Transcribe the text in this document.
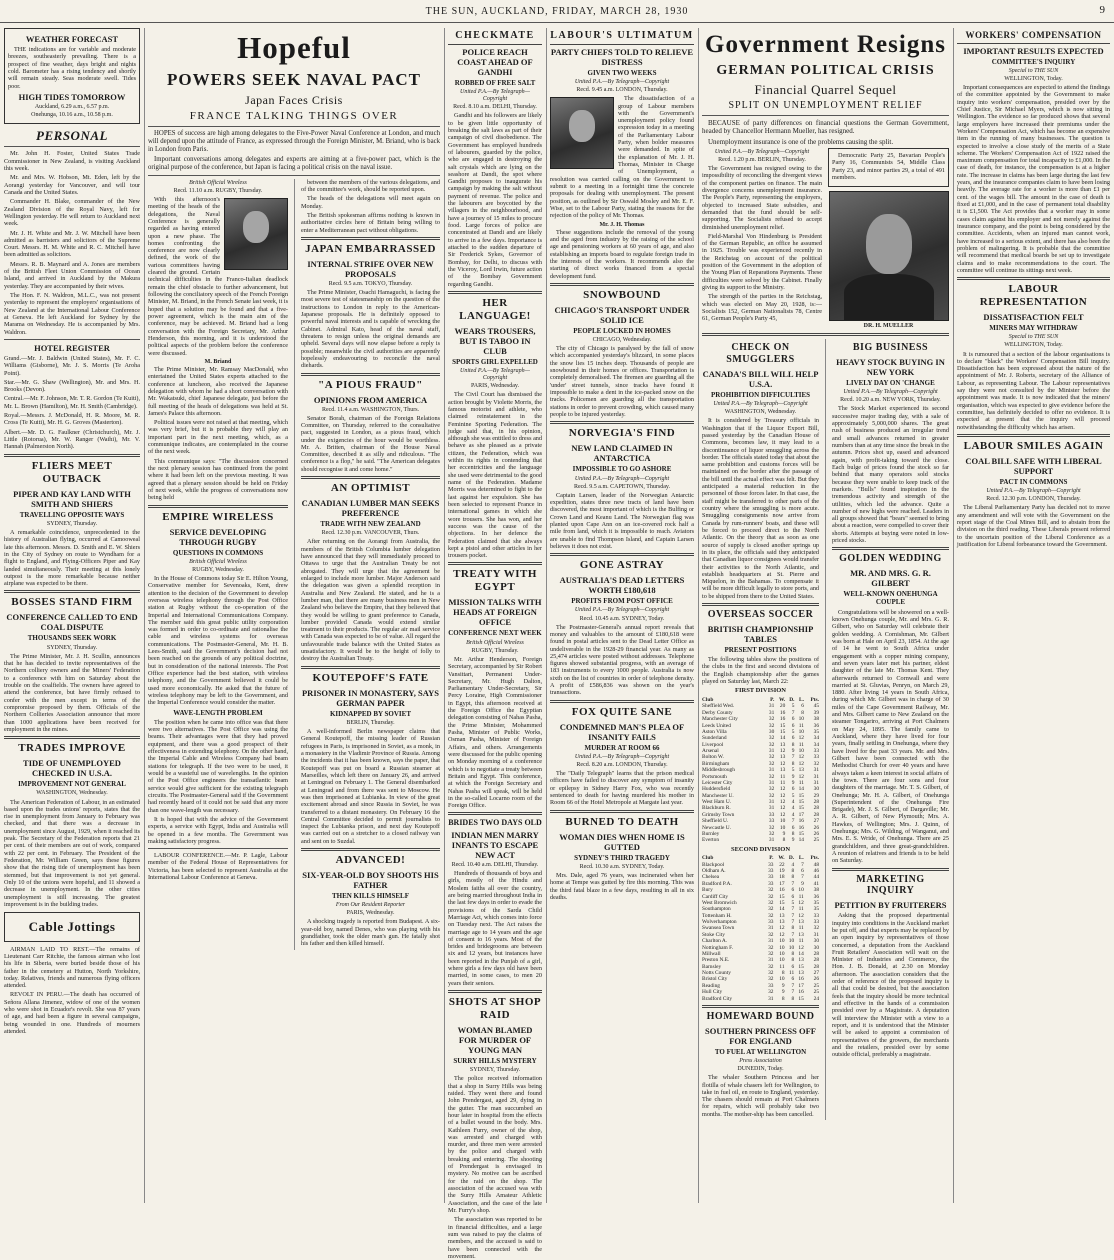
THE SUN, AUCKLAND, FRIDAY, MARCH 28, 1930	9
WEATHER FORECAST
THE indications are for variable and moderate breezes, southeasterly prevailing. There is a prospect of fine weather, days bright and nights cold. Barometer has a rising tendency and shortly will remain steady. Seas moderate swell. Tides poor.
HIGH TIDES TOMORROW
Auckland, 6.29 a.m., 6.57 p.m.
Onehunga, 10.16 a.m., 10.58 p.m.
PERSONAL

Mr. John H. Foster, United States Trade Commissioner in New Zealand, is visiting Auckland this week.

Mr. and Mrs. W. Hobson, Mt. Eden, left by the Aorangi yesterday for Vancouver, and will tour Canada and the United States.

Commander H. Blake, commander of the New Zealand Division of the Royal Navy, left for Wellington yesterday. He will return to Auckland next week.

Mr. J. H. White and Mr. J. W. Mitchell have been admitted as barristers and solicitors of the Supreme Court. Messrs. H. M. White and R. C. Mitchell have been admitted as solicitors.

Messrs. R. B. Maynard and A. Jones are members of the British Fleet Union Commission of Ocean Island, and arrived in Auckland by the Makura yesterday. They are accompanied by their wives.

The Hon. F. N. Waldron, M.L.C., was not present yesterday to represent the employers' organisations of New Zealand at the International Labour Conference at Geneva. He left Auckland for Sydney by the Marama on Wednesday. He is accompanied by Mrs. Waldron.

HOTEL REGISTER
Grand.—Mr. J. Baldwin (United States), Mr. F. C. Williams (Gisborne), Mr. J. S. Morris (Te Aroha Point).
Star.—Mr. G. Shaw (Wellington), Mr. and Mrs. H. Brooks (Devon).
Central.—Mr. F. Johnson, Mr. T. R. Gordon (Te Kuiti), Mr. L. Brown (Hamilton), Mr. H. Smith (Cambridge).
Royal.—Messrs. J. McDonald, H. R. Moore, M. R. Cross (Te Kuiti), Mr. H. G. Groves (Masterton).
Albert.—Mr. D. G. Faulkner (Christchurch), Mr. J. Little (Rotorua), Mr. W. Ranger (Waihi), Mr. V. Hannah (Palmerston North).
FLIERS MEET OUTBACK
PIPER AND KAY LAND WITH SMITH AND SHIERS
TRAVELLING OPPOSITE WAYS
SYDNEY, Thursday.

A remarkable coincidence, unprecedented in the history of Australian flying, occurred at Camooweal late this afternoon. Messrs. D. Smith and E. W. Shiers in the City of Sydney on route to Wyndham for a flight to England, and Flying-Officers Piper and Kay landed simultaneously. Their meeting at this lonely outpost is the more remarkable because neither airplane was expected to be there.

BOSSES STAND FIRM
CONFERENCE CALLED TO END COAL DISPUTE
THOUSANDS SEEK WORK
SYDNEY, Thursday.

The Prime Minister, Mr. J. H. Scullin, announces that he has decided to invite representatives of the Northern colliery owners and the Miners' Federation to a conference with him on Saturday about the trouble on the coalfields. The owners have agreed to attend the conference, but have firmly refused to confer with the men except in terms of the compromise proposed by them. Officials of the Northern Collieries Association announce that more than 1000 applications have been received for employment in the mines.

TRADES IMPROVE
TIDE OF UNEMPLOYED CHECKED IN U.S.A.
IMPROVEMENT NOT GENERAL
WASHINGTON, Wednesday.

The American Federation of Labour, in an estimated based upon the trades unions' reports, states that the rise in unemployment from January to February was checked, and that there was a decrease in unemployment since August, 1929, when it reached its peak. The Secretary of the Federation reports that 21 per cent. of their members are out of work, compared with 22 per cent. in February. The President of the Federation, Mr. William Green, says these figures show that the rising tide of unemployment has been stemmed, but that improvement is not yet general. Only 10 of the unions were hopeful, and 11 showed a decrease in unemployment. In the other cities unemployment is still increasing. The greatest improvement is in the building trades.

Cable Jottings

AIRMAN LAID TO REST.—The remains of Lieutenant Carr Ritchie, the famous airman who lost his life in Siberia, were buried beside those of his father in the cemetery at Hutton, North Yorkshire, today. Relatives, friends and numerous flying officers attended.

REVOLT IN PERU.—The death has occurred of Señora Allana Jimenez, widow of one of the women who were shot in Ecuador's revolt. She was 87 years of age, and had been a figure in several campaigns, being wounded in one. Hundreds of mourners attended.

Hopeful
POWERS SEEK NAVAL PACT
Japan Faces Crisis
FRANCE TALKING THINGS OVER

HOPES of success are high among delegates to the Five-Power Naval Conference at London, and much will depend upon the attitude of France, as expressed through the Foreign Minister, M. Briand, who is back in London from Paris.

Important conversations among delegates and experts are aiming at a five-power pact, which is the original purpose of the conference, but Japan is facing a political crisis on the naval issue.

British Official Wireless
Recd. 11.10 a.m. RUGBY, Thursday.

With this afternoon's meeting of the heads of the delegations, the Naval Conference is generally regarded as having entered upon a new phase. The homes confronting the conference are now clearly defined, the work of the various committees having cleared the ground. Certain technical difficulties in the Franco-Italian deadlock remain the chief obstacle to further advancement, but following the conciliatory speech of the French Foreign Minister, M. Briand, in the French Senate last week, it is hoped that a solution may be found and that a five-power agreement, which is the main aim of the conference, may be achieved. M. Briand had a long conversation with the Foreign Secretary, Mr. Arthur Henderson, this morning, and it is understood the political aspects of the problem before the conference were discussed.

M. Briand

The Prime Minister, Mr. Ramsay MacDonald, who entertained the United States experts attached to the conference at luncheon, also received the Japanese delegation with whom he had a short conversation with Mr. Wakatsuki, chief Japanese delegate, just before the full meeting of the heads of delegations was held at St. James's Palace this afternoon.

Political issues were not raised at that meeting, which was very brief, but it is probable they will play an important part in the next meeting, which, as a communique indicates, are contemplated in the course of the next week.

This communique says: "The discussion concerned the next plenary session has continued from the point where it had been left on the previous meeting. It was agreed that a plenary session should be held on Friday of next week, while the progress of conversations now being held

EMPIRE WIRELESS
SERVICE DEVELOPING THROUGH RUGBY
QUESTIONS IN COMMONS
British Official Wireless
RUGBY, Wednesday.

In the House of Commons today Sir E. Hilton Young, Conservative member for Sevenoaks, Kent, drew attention to the decision of the Government to develop overseas wireless telephony through the Post Office station at Rugby without the co-operation of the Imperial and International Communications Company. The member said this great public utility corporation was formed in order to co-ordinate and rationalise the cable and wireless systems for overseas communications. The Postmaster-General, Mr. H. B. Lees-Smith, said the Government's decision had not been reached on the grounds of any political doctrine, but in consideration of the national interests. The Post Office experience had the best station, with wireless telephony, and the Government believed it could be used more economically. He asked that the future of wireless telephony may be left to the Government, and the Imperial Conference would consider the matter.

WAVE-LENGTH PROBLEM

The position when he came into office was that there were two alternatives. The Post Office was using the beams. Their advantages were that they had proved equipment, and there was a good prospect of their effectiveness in extending telephony. On the other hand, the Imperial Cable and Wireless Company had beam stations for telegraph. If the two were to be used, it would be a wasteful use of wavelengths. In the opinion of the Post Office engineers the transatlantic beam service would give sufficient for the existing telegraph circuits. The Postmaster-General said if the Government had recently heard of it could not be said that any more than one wave-length was necessary.

It is hoped that with the advice of the Government experts, a service with Egypt, India and Australia will be opened in a few months. The Government was making satisfactory progress.

LABOUR CONFERENCE.—Mr. P. Lagle, Labour member of the Federal House of Representatives for Victoria, has been selected to represent Australia at the International Labour Conference at Geneva.

between the members of the various delegations, and of the committee's work, should be reported upon.

The heads of the delegations will meet again on Monday.

The British spokesman affirms nothing is known in authoritative circles here of Britain being willing to enter a Mediterranean pact without obligations.

JAPAN EMBARRASSED
INTERNAL STRIFE OVER NEW PROPOSALS
Recd. 9.5 a.m. TOKYO, Thursday.

The Prime Minister, Osachi Hamaguchi, is facing the most severe test of statesmanship on the question of the instructions to London in reply to the American-Japanese proposals. He is definitely opposed to powerful naval interests and is capable of wrecking the Cabinet. Admiral Kato, head of the naval staff, threatens to resign unless the original demands are upheld. Several days will now elapse before a reply is possible; meanwhile the civil authorities are apparently hopelessly endeavouring to reconcile the naval diehards.

"A PIOUS FRAUD"
OPINIONS FROM AMERICA
Recd. 11.4 a.m. WASHINGTON, Thurs.

Senator Borah, chairman of the Foreign Relations Committee, on Thursday, referred to the consultative pact, suggested in London, as a pious fraud, which under the exigencies of the hour would be worthless. Mr. A. Britten, chairman of the House Naval Committee, described it as silly and ridiculous. "The conference is a flop," he said. "The American delegates should recognise it and come home."

AN OPTIMIST
CANADIAN LUMBER MAN SEEKS PREFERENCE
TRADE WITH NEW ZEALAND
Recd. 12.30 p.m. VANCOUVER, Thurs.

After returning on the Aorangi from Australia, the members of the British Columbia lumber delegation have announced that they will immediately proceed to Ottawa to urge that the Australian Treaty be not abrogated. They will urge that the agreement be enlarged to include more lumber. Major Anderson said the delegation was given a splendid reception in Australia and New Zealand. He stated, and he is a lumber man, that there are many business men in New Zealand who believe the Empire, that they believed that they would be willing to grant preference to Canada, lumber provided Canada would extend similar treatment to their products. The regular air mail service with Canada was expected to be of value. All regard the unfavourable trade balance with the United States as unsatisfactory. It would be to the height of folly to destroy the Australian Treaty.

KOUTEPOFF'S FATE
PRISONER IN MONASTERY, SAYS GERMAN PAPER
KIDNAPPED BY SOVIET
BERLIN, Thursday.

A well-informed Berlin newspaper claims that General Koutepoff, the missing leader of Russian refugees in Paris, is imprisoned in Soviet, as a monk, in a monastery in the Vladimir Province of Russia. Among the incidents that it has been known, says the paper, that Koutepoff was put on board a Russian steamer at Marseilles, which left there on January 26, and arrived at Leningrad on February 1. The General disembarked at Leningrad and from there was sent to Moscow. He was then imprisoned at Lubianka. In view of the great excitement abroad and since Russia in Soviet, he was transferred to a distant monastery. On February 16 the Central Committee decided to permit journalists to inspect the Lubianka prison, and next day Koutepoff was carried out on a stretcher to a closed railway van and sent on to Suzdal.

ADVANCED!
SIX-YEAR-OLD BOY SHOOTS HIS FATHER
THEN KILLS HIMSELF
From Our Resident Reporter
PARIS, Wednesday.

A shocking tragedy is reported from Budapest. A six-year-old boy, named Denes, who was playing with his grandfather, took the older man's gun. He fatally shot his father and then killed himself.

CHECKMATE
POLICE REACH COAST AHEAD OF GANDHI
ROBBED OF FREE SALT
United P.A.—By Telegraph—Copyright
Recd. 8.10 a.m. DELHI, Thursday.

Gandhi and his followers are likely to be given little opportunity of breaking the salt laws as part of their campaign of civil disobedience. The Government has employed hundreds of labourers, guarded by the police, who are engaged in destroying the salt crystals which are lying on the seashore at Dandi, the spot where Gandhi proposes to inaugurate his campaign by making the salt without payment of revenue. The police and the labourers are boycotted by the villagers in the neighbourhood, and have a journey of 15 miles to procure food. Large forces of police are concentrated at Dandi and are likely to arrive in a few days. Importance is attached to the sudden departure of Sir Frederick Sykes, Governor of Bombay, for Delhi, to discuss with the Viceroy, Lord Irwin, future action of the Bombay Government regarding Gandhi.

HER LANGUAGE!
WEARS TROUSERS, BUT IS TABOO IN CLUB
SPORTS GIRL EXPELLED
United P.A.—By Telegraph—Copyright
PARIS, Wednesday.

The Civil Court has dismissed the action brought by Violette Morris, the famous motorist and athlete, who claimed reinstatement in the Feminine Sporting Federation. The judge said that, in his opinion, although she was entitled to dress and behave as she pleased as a private citizen, the Federation, which was within its rights in contending that her eccentricities and the language she used were detrimental to the good name of the Federation. Madame Morris was determined to fight to the last against her expulsion. She has been selected to represent France in international games in which she wore trousers. She has won, and her success was the cause of the objections. In her defence the Federation claimed that she always kept a pistol and other articles in her trousers pocket.

TREATY WITH EGYPT
MISSION TALKS WITH HEADS AT FOREIGN OFFICE
CONFERENCE NEXT WEEK
British Official Wireless
RUGBY, Thursday.

Mr. Arthur Henderson, Foreign Secretary, accompanied by Sir Robert Vansittart, Permanent Under-Secretary, Mr. Hugh Dalton, Parliamentary Under-Secretary, Sir Percy Loraine, High Commissioner in Egypt, this afternoon received at the Foreign Office the Egyptian delegation consisting of Nahas Pasha, the Prime Minister, Mohammed Pasha, Minister of Public Works, Osman Pasha, Minister of Foreign Affairs, and others. Arrangements were discussed for the public opening on Monday morning of a conference which is to negotiate a treaty between Britain and Egypt. This conference, at which the Foreign Secretary and Nahas Pasha will speak, will be held in the so-called Locarno room of the Foreign Office.

BRIDES TWO DAYS OLD
INDIAN MEN MARRY INFANTS TO ESCAPE NEW ACT
Recd. 10.40 a.m. DELHI, Thursday.

Hundreds of thousands of boys and girls, mostly of the Hindu and Moslem faiths all over the country, are being married throughout India in the last few days in order to evade the provisions of the Sarda Child Marriage Act, which comes into force on Tuesday next. The Act raises the marriage age to 14 years and the age of consent to 16 years. Most of the brides and bridegrooms are between six and 12 years, but instances have been reported in the Punjab of a girl, where girls a few days old have been married, in some cases, to men 20 years their seniors.

SHOTS AT SHOP RAID
WOMAN BLAMED FOR MURDER OF YOUNG MAN
SURRY HILLS MYSTERY
SYDNEY, Thursday.

The police received information that a shop in Surry Hills was being raided. They went there and found John Prendergast, aged 29, dying in the gutter. The man succumbed an hour later in hospital from the effects of a bullet wound in the body. Mrs. Kathleen Furry, owner of the shop, was arrested and charged with murder, and three men were arrested by the police and charged with breaking and entering. The shooting of Prendergast is envisaged in mystery. No motive can be ascribed for the raid on the shop. The association of the accused was with the Surry Hills Amateur Athletic Association, and the case of the late Mr. Furry's shop.

The association was reported to be in financial difficulties, and a large sum was raised to pay the claims of members, and the accused is said to have been connected with the movement.

LABOUR'S ULTIMATUM
PARTY CHIEFS TOLD TO RELIEVE DISTRESS
GIVEN TWO WEEKS
United P.A.—By Telegraph—Copyright
Recd. 9.45 a.m. LONDON, Thursday.

The dissatisfaction of a group of Labour members with the Government's unemployment policy found expression today in a meeting of the Parliamentary Labour Party, when bolder measures were demanded. In spite of the explanation of Mr. J. H. Thomas, Minister in Charge of Unemployment, a resolution was carried calling on the Government to submit to a meeting in a fortnight time the concrete proposals for dealing with unemployment. The present position, as outlined by Sir Oswald Mosley and Mr. E. F. Wise, set to the Labour Party, stating the reasons for the rejection of the policy of Mr. Thomas.

Mr. J. H. Thomas

These suggestions include the removal of the young and the aged from industry by the raising of the school age and pensioning workers at 60 years of age, and also establishing an imports board to regulate foreign trade in the interests of the workers. It recommends also the starting of direct works financed from a special development fund.

SNOWBOUND
CHICAGO'S TRANSPORT UNDER SOLID ICE
PEOPLE LOCKED IN HOMES
CHICAGO, Wednesday.

The city of Chicago is paralysed by the fall of snow which accompanied yesterday's blizzard, in some places the snow lies 15 inches deep. Thousands of people are snowbound in their homes or offices. Transportation is completely demoralised. The firemen are guarding all the 'under' street tunnels, since tracks have found it impossible to make a dent in the ice-packed snow on the tracks. Policemen are guarding all the transportation stations in order to prevent crowding, which caused many people to be injured yesterday.

NORVEGIA'S FIND
NEW LAND CLAIMED IN ANTARCTICA
IMPOSSIBLE TO GO ASHORE
United P.A.—By Telegraph—Copyright
Recd. 9.5 a.m. CAPETOWN, Thursday.

Captain Larsen, leader of the Norwegian Antarctic expedition, states three new tracts of land have been discovered, the most important of which is the Bulfing or Crown Land and Keanu Land. The Norwegian flag was planted upon Cape Ann on an ice-covered rock half a mile from land, which it is impossible to reach. Aviators are unable to find Thompson Island, and Captain Larsen believes it does not exist.

GONE ASTRAY
AUSTRALIA'S DEAD LETTERS WORTH £180,618
PROFITS FROM POST OFFICE
United P.A.—By Telegraph—Copyright
Recd. 10.45 a.m. SYDNEY, Today.

The Postmaster-General's annual report reveals that money and valuables to the amount of £180,618 were found in postal articles sent to the Dead Letter Office as undeliverable in the 1928-29 financial year. As many as 25,474 articles were posted without addresses. Telephone figures showed substantial progress, with an average of 183 instruments to every 1000 people. Australia is now sixth on the list of countries in order of telephone density. A profit of £586,836 was shown on the year's transactions.

FOX QUITE SANE
CONDEMNED MAN'S PLEA OF INSANITY FAILS
MURDER AT ROOM 66
United P.A.—By Telegraph—Copyright
Recd. 8.20 a.m. LONDON, Thursday.

The "Daily Telegraph" learns that the prison medical officers have failed to discover any symptom of insanity or epilepsy in Sidney Harry Fox, who was recently sentenced to death for having murdered his mother in Room 66 of the Hotel Metropole at Margate last year.

BURNED TO DEATH
WOMAN DIES WHEN HOME IS GUTTED
SYDNEY'S THIRD TRAGEDY
Recd. 10.30 a.m. SYDNEY, Today.

Mrs. Dale, aged 76 years, was incinerated when her home at Tempe was gutted by fire this morning. This was the third fatal blaze in a few days, resulting in all in six deaths.

Government Resigns
GERMAN POLITICAL CRISIS
Financial Quarrel Sequel
SPLIT ON UNEMPLOYMENT RELIEF

BECAUSE of party differences on financial questions the German Government, headed by Chancellor Hermann Mueller, has resigned.

Unemployment insurance is one of the problems causing the split.

United P.A.—By Telegraph—Copyright
Recd. 1.20 p.m. BERLIN, Thursday.

The Government has resigned owing to the impossibility of reconciling the divergent views of the component parties on finance. The main divergence concerns unemployment insurance. The People's Party, representing the employers, objected to increased State subsidies, and demanded that the fund should be self-supporting. The Socialists refused to accept diminished unemployment relief.

Field-Marshal Von Hindenburg is President of the German Republic, an office he assumed in 1925. Trouble was experienced recently in the Reichstag on account of the political position of the Government in the adoption of the Young Plan of Reparations Payments. These difficulties were solved by the Cabinet. Finally giving its support to the Ministry.

The strength of the parties in the Reichstag, which was elected on May 20, 1928, is:—Socialists 152, German Nationalists 78, Centre 61, German People's Party 45,

Democratic Party 25, Bavarian People's Party 16, Communists 54, Middle Class Party 23, and minor parties 29, a total of 491 members.
DR. H. MUELLER
CHECK ON SMUGGLERS
CANADA'S BILL WILL HELP U.S.A.
PROHIBITION DIFFICULTIES
United P.A.—By Telegraph—Copyright
WASHINGTON, Wednesday.

It is considered by Treasury officials in Washington that if the Liquor Export Bill, passed yesterday by the Canadian House of Commons, becomes law, it may lead to a discontinuance of liquor smuggling across the border. The officials stated today that about the same prohibition and customs forces will be maintained on the border after the passage of the bill until the actual effect was felt. But they anticipated a material reduction in the personnel of those forces later. In that case, the staff might be transferred to other parts of the country where the smuggling is more acute. Smuggling consignments now arrive from Canada by rum-runners' boats, and these will be forced to proceed direct to the North Atlantic. On the theory that as soon as one source of supply is closed another springs up in its place, the officials said they anticipated that Canadian liquor consignees would transfer their activities to the North Atlantic, and establish headquarters at St. Pierre and Miquelon, in the Bahamas. To compensate it will be more difficult legally to store ports, and to be shipped from there to the United States.

OVERSEAS SOCCER
BRITISH CHAMPIONSHIP TABLES
PRESENT POSITIONS

The following tables show the positions of the clubs in the first and second divisions of the English championship after the games played on Saturday last, March 22:

FIRST DIVISION
Club	P.	W.	D.	L.	Pts.
Sheffield Wed.	31	20	5	6	45
Derby County	31	16	7	8	39
Manchester City	32	16	6	10	38
Leeds United	32	15	6	11	36
Aston Villa	30	15	5	10	35
Sunderland	32	14	6	12	34
Liverpool	32	13	8	11	34
Arsenal	31	12	9	10	33
Bolton W.	32	13	7	12	33
Birmingham	32	12	8	12	32
Middlesbrough	31	13	5	13	31
Portsmouth	32	11	9	12	31
Leicester City	31	11	9	11	31
Huddersfield	32	12	6	14	30
Manchester U.	32	12	5	15	29
West Ham U.	31	12	4	15	28
Blackburn R.	31	12	4	15	28
Grimsby Town	33	12	4	17	28
Sheffield U.	33	10	7	16	27
Newcastle U.	32	10	6	16	26
Burnley	32	9	8	15	26
Everton	31	8	9	14	25
SECOND DIVISION
Club	P.	W.	D.	L.	Pts.
Blackpool	33	22	4	7	48
Oldham A.	33	19	8	6	46
Chelsea	33	18	8	7	44
Bradford P.A.	33	17	7	9	41
Bury	32	16	6	10	38
Cardiff City	32	15	6	11	36
West Bromwich	32	15	5	12	35
Southampton	32	14	7	11	35
Tottenham H.	32	13	7	12	33
Wolverhampton	33	13	7	13	33
Swansea Town	31	12	8	11	32
Stoke City	32	12	7	13	31
Charlton A.	31	10	10	11	30
Nottingham F.	32	10	10	12	30
Millwall	32	10	8	14	28
Preston N.E.	31	10	8	13	28
Barnsley	32	11	6	15	28
Notts County	32	8	11	13	27
Bristol City	32	10	6	16	26
Reading	33	9	7	17	25
Hull City	32	9	7	16	25
Bradford City	31	8	8	15	24
HOMEWARD BOUND
SOUTHERN PRINCESS OFF FOR ENGLAND
TO FUEL AT WELLINGTON
Press Association
DUNEDIN, Today.

The whaler Southern Princess and her flotilla of whale chasers left for Wellington, to take in fuel oil, en route to England, yesterday. The chasers should remain at Port Chalmers for repairs, which will probably take two months. The mother-ship has been cancelled.

BIG BUSINESS
HEAVY STOCK BUYING IN NEW YORK
LIVELY DAY ON 'CHANGE
United P.A.—By Telegraph—Copyright
Recd. 10.20 a.m. NEW YORK, Thursday.

The Stock Market experienced its second successive major trading day, with a sale of approximately 5,000,000 shares. The great rush of business produced an irregular trend and small advances returned in greater numbers than at any time since the break in the autumn. Prices shot up, eased and advanced again, with profit-taking toward the close. Each bulge of prices found the stock so far behind that many operators sold stocks because they were unable to keep track of the markets. "Bulls" found inspiration in the tremendous activity and strength of the utilities, which led the advance. Quite a number of new highs were reached. Leaders in all groups showed that "bears" seemed to bring about a reaction, were compelled to cover their shorts. Attempts at buying were noted in low-priced stocks.

GOLDEN WEDDING
MR. AND MRS. G. R. GILBERT
WELL-KNOWN ONEHUNGA COUPLE

Congratulations will be showered on a well-known Onehunga couple, Mr. and Mrs. G. R. Gilbert, who on Saturday will celebrate their golden wedding. A Cornishman, Mr. Gilbert was born at Hale on April 23, 1854. At the age of 14 he went to South Africa under engagement with a copper mining company, and seven years later met his partner, eldest daughter of the late Mr. Thomas Kent. They afterwards returned to Cornwall and were married at St. Gluvias, Penryn, on March 29, 1880. After living 14 years in South Africa, during which Mr. Gilbert was in charge of 30 miles of the Cape Government Railway, Mr. and Mrs. Gilbert came to New Zealand on the steamer Tongariro, arriving at Port Chalmers on May 24, 1895. The family came to Auckland, where they have lived for four years, finally settling in Onehunga, where they have lived for the past 33 years. Mr. and Mrs. Gilbert have been connected with the Methodist Church for over 40 years and have always taken a keen interest in social affairs of the town. There are four sons and four daughters of the marriage. Mr. T. S. Gilbert, of Onehunga; Mr. H. A. Gilbert, of Onehunga (Superintendent of the Onehunga Fire Brigade), Mr. J. S. Gilbert, of Dargaville; Mr. A. R. Gilbert, of New Plymouth; Mrs. A. Hawkes, of Wellington; Mrs. J. Quinn, of Onehunga; Mrs. G. Wilding, of Wanganui, and Mrs. E. S. Wride, of Onehunga. There are 25 grandchildren, and three great-grandchildren. A reunion of relatives and friends is to be held on Saturday.

MARKETING INQUIRY
PETITION BY FRUITERERS

Asking that the proposed departmental inquiry into conditions in the Auckland market be put off, and that experts may be replaced by an open inquiry by representatives of those concerned, a deputation from the Auckland Fruit Retailers' Association will wait on the Minister of Industries and Commerce, the Hon. J. B. Donald, at 2.30 on Monday afternoon. The association considers that the order of reference of the proposed inquiry is all that could be desired, but the association feels that the inquiry should be more technical and effective in the hands of a commission presided over by a Magistrate. A deputation will interview the Minister with a view to a report, and it is understood that the Minister will be asked to appoint a commission of representatives of the growers, the merchants and the retailers, presided over by some outside official, preferably a magistrate.

WORKERS' COMPENSATION
IMPORTANT RESULTS EXPECTED
COMMITTEE'S INQUIRY
Special to THE SUN
WELLINGTON, Today.

Important consequences are expected to attend the findings of the committee appointed by the Government to make inquiry into workers' compensation, presided over by the Chief Justice, Sir Michael Myers, which is now sitting in Wellington. The evidence so far produced shows that several large employers have increased their premiums under the Workers' Compensation Act, which has become an expensive item in the running of many businesses. The question is expected to involve a close study of the merits of a State scheme. The Workers' Compensation Act of 1922 raised the maximum compensation for total incapacity to £1,000. In the case of death, for instance, the compensation is at a higher rate. The increase in claims has been large during the last few years, and the insurance companies claim to have been losing heavily. The average rate for a worker is more than £1 per cent. of the wages bill. The amount in the case of death is fixed at £1,000, and in the case of permanent total disability it is £1,500. The Act provides that a worker may in some cases claim against his employer and not merely against the insurance company, and the point is being considered by the committee. Accidents, when an injured man cannot work, have increased to a serious extent, and there has also been the problem of malingering. It is probable that the committee will recommend that medical boards be set up to investigate claims and to make recommendations to the court. The committee will continue its sittings next week.

LABOUR REPRESENTATION
DISSATISFACTION FELT
MINERS MAY WITHDRAW
Special to THE SUN
WELLINGTON, Today.

It is rumoured that a section of the labour organisations is to declare "black" the Workers' Compensation Bill inquiry. Dissatisfaction has been expressed about the nature of the appointment of Mr. J. Roberts, secretary of the Alliance of Labour, as representing Labour. The Labour representatives say they were not consulted by the Minister before the appointment was made. It is now indicated that the miners' organisation, which was expected to give evidence before the committee, has definitely decided to offer no evidence. It is expected at present that the inquiry will proceed notwithstanding the difficulty which has arisen.

LABOUR SMILES AGAIN
COAL BILL SAFE WITH LIBERAL SUPPORT
PACT IN COMMONS
United P.A.—By Telegraph—Copyright
Recd. 12.30 p.m. LONDON, Thursday.

The Liberal Parliamentary Party has decided not to move any amendment and will vote with the Government on the report stage of the Coal Mines Bill, and to abstain from the division on the third reading. These Liberals present referred to the uncertain position of the Liberal Conference as a justification for Liberal forbearance toward the Government.
